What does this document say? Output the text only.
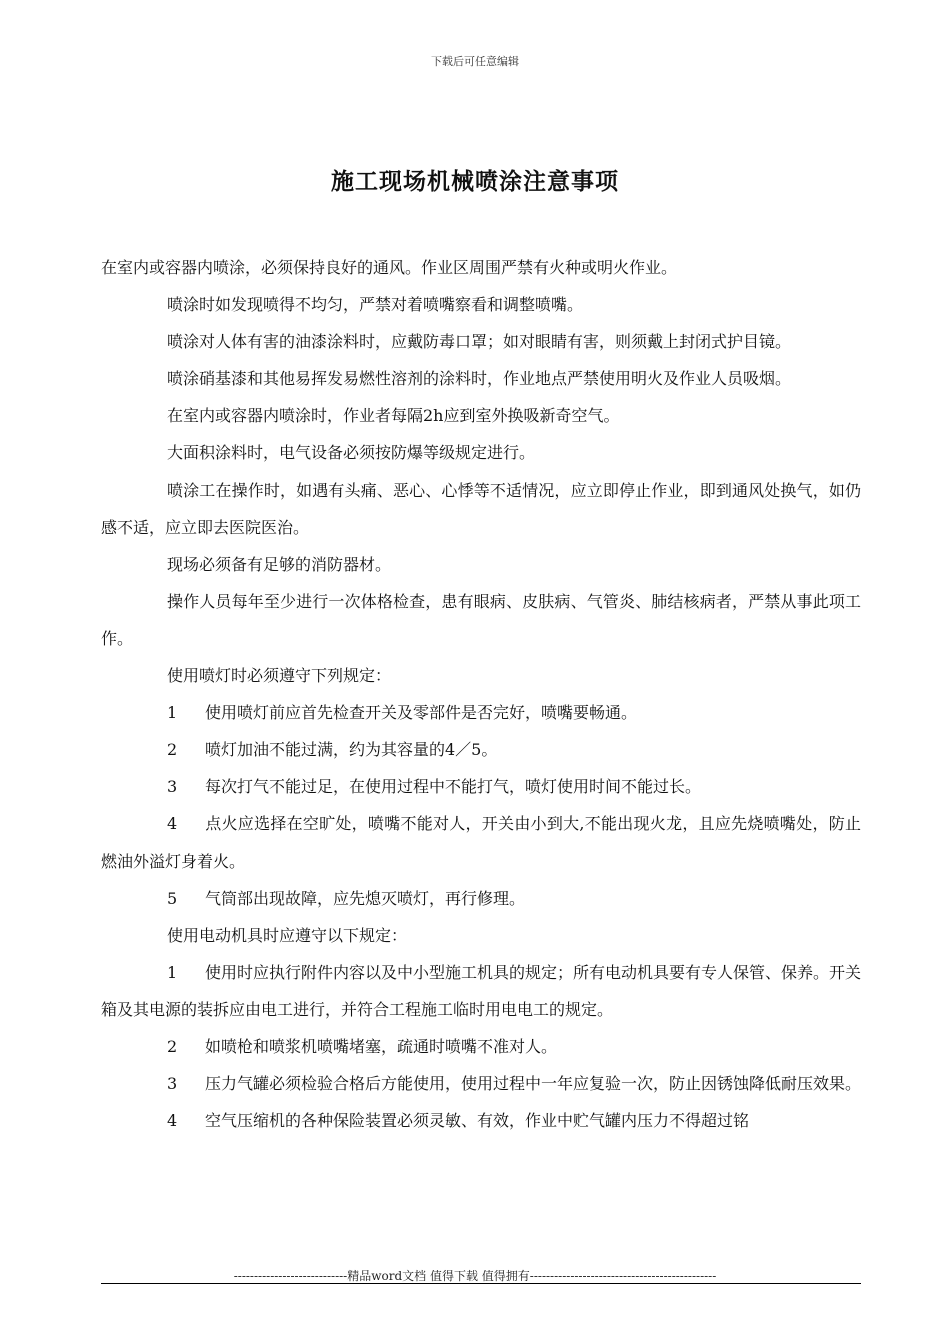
下载后可任意编辑
施工现场机械喷涂注意事项

在室内或容器内喷涂，必须保持良好的通风。作业区周围严禁有火种或明火作业。

喷涂时如发现喷得不均匀，严禁对着喷嘴察看和调整喷嘴。

喷涂对人体有害的油漆涂料时，应戴防毒口罩；如对眼睛有害，则须戴上封闭式护目镜。

喷涂硝基漆和其他易挥发易燃性溶剂的涂料时，作业地点严禁使用明火及作业人员吸烟。

在室内或容器内喷涂时，作业者每隔2h应到室外换吸新奇空气。

大面积涂料时，电气设备必须按防爆等级规定进行。

喷涂工在操作时，如遇有头痛、恶心、心悸等不适情况，应立即停止作业，即到通风处换气，如仍感不适，应立即去医院医治。

现场必须备有足够的消防器材。

操作人员每年至少进行一次体格检查，患有眼病、皮肤病、气管炎、肺结核病者，严禁从事此项工作。

使用喷灯时必须遵守下列规定：

1 使用喷灯前应首先检查开关及零部件是否完好，喷嘴要畅通。

2 喷灯加油不能过满，约为其容量的4／5。

3 每次打气不能过足，在使用过程中不能打气，喷灯使用时间不能过长。

4 点火应选择在空旷处，喷嘴不能对人，开关由小到大,不能出现火龙，且应先烧喷嘴处，防止燃油外溢灯身着火。

5 气筒部出现故障，应先熄灭喷灯，再行修理。

使用电动机具时应遵守以下规定：

1 使用时应执行附件内容以及中小型施工机具的规定；所有电动机具要有专人保管、保养。开关箱及其电源的装拆应由电工进行，并符合工程施工临时用电电工的规定。

2 如喷枪和喷浆机喷嘴堵塞，疏通时喷嘴不准对人。

3 压力气罐必须检验合格后方能使用，使用过程中一年应复验一次，防止因锈蚀降低耐压效果。

4 空气压缩机的各种保险装置必须灵敏、有效，作业中贮气罐内压力不得超过铭

----------------------------精品word文档 值得下载 值得拥有----------------------------------------------
